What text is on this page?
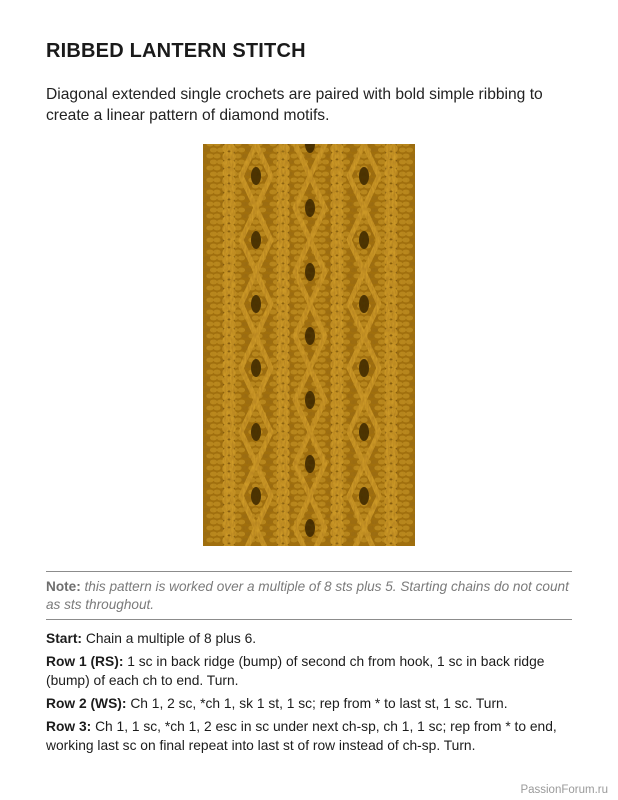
RIBBED LANTERN STITCH
Diagonal extended single crochets are paired with bold simple ribbing to create a linear pattern of diamond motifs.
Note: this pattern is worked over a multiple of 8 sts plus 5. Starting chains do not count as sts throughout.
Start: Chain a multiple of 8 plus 6.
Row 1 (RS): 1 sc in back ridge (bump) of second ch from hook, 1 sc in back ridge (bump) of each ch to end. Turn.
Row 2 (WS): Ch 1, 2 sc, *ch 1, sk 1 st, 1 sc; rep from * to last st, 1 sc. Turn.
Row 3: Ch 1, 1 sc, *ch 1, 2 esc in sc under next ch-sp, ch 1, 1 sc; rep from * to end, working last sc on final repeat into last st of row instead of ch-sp. Turn.
PassionForum.ru
